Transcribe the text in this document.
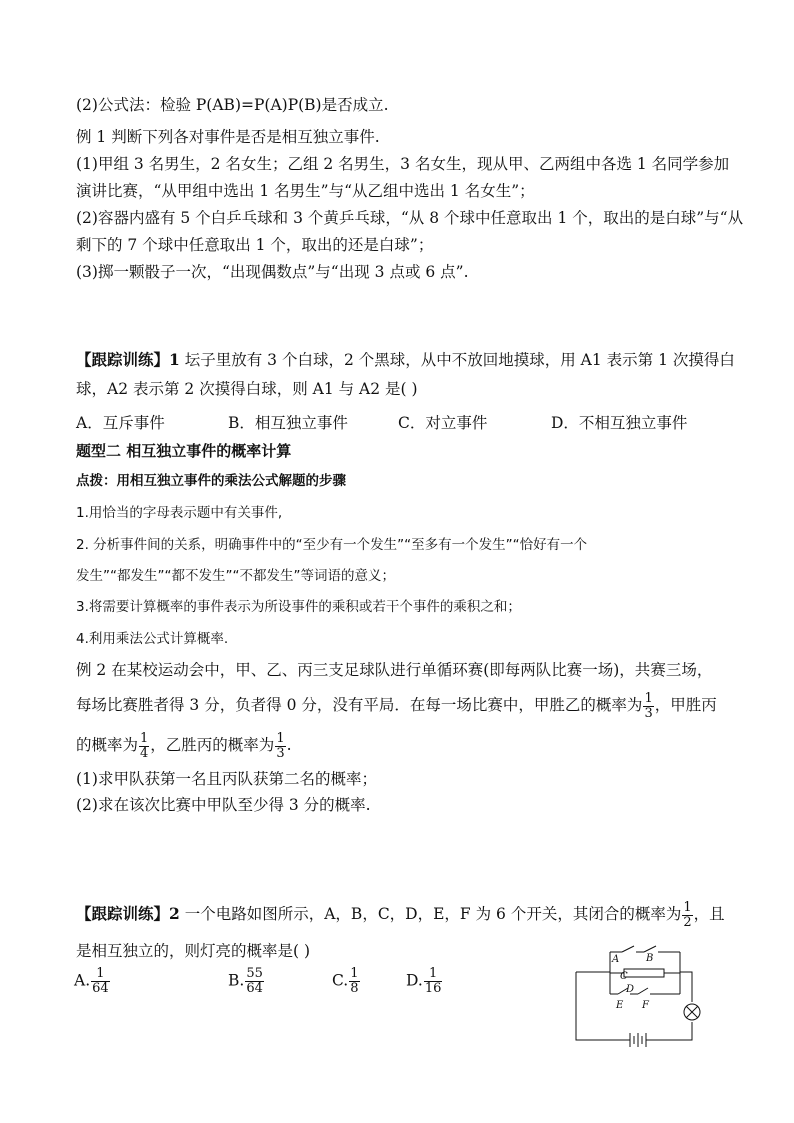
(2)公式法：检验 P(AB)=P(A)P(B)是否成立.
例 1 判断下列各对事件是否是相互独立事件.
(1)甲组 3 名男生，2 名女生；乙组 2 名男生，3 名女生，现从甲、乙两组中各选 1 名同学参加
演讲比赛，“从甲组中选出 1 名男生”与“从乙组中选出 1 名女生”；
(2)容器内盛有 5 个白乒乓球和 3 个黄乒乓球，“从 8 个球中任意取出 1 个，取出的是白球”与“从
剩下的 7 个球中任意取出 1 个，取出的还是白球”；
(3)掷一颗骰子一次，“出现偶数点”与“出现 3 点或 6 点”.
【跟踪训练】1 坛子里放有 3 个白球，2 个黑球，从中不放回地摸球，用 A1 表示第 1 次摸得白
球，A2 表示第 2 次摸得白球，则 A1 与 A2 是( )
A．互斥事件	B．相互独立事件	C．对立事件	D．不相互独立事件
题型二 相互独立事件的概率计算
点拨：用相互独立事件的乘法公式解题的步骤
1.用恰当的字母表示题中有关事件,
2. 分析事件间的关系，明确事件中的“至少有一个发生”“至多有一个发生”“恰好有一个
发生”“都发生”“都不发生”“不都发生”等词语的意义；
3.将需要计算概率的事件表示为所设事件的乘积或若干个事件的乘积之和；
4.利用乘法公式计算概率.
例 2 在某校运动会中，甲、乙、丙三支足球队进行单循环赛(即每两队比赛一场)，共赛三场，
每场比赛胜者得 3 分，负者得 0 分，没有平局．在每一场比赛中，甲胜乙的概率为 $\frac{1}{3}$ ，甲胜丙
的概率为 $\frac{1}{4}$ ，乙胜丙的概率为 $\frac{1}{3}$ .
(1)求甲队获第一名且丙队获第二名的概率；
(2)求在该次比赛中甲队至少得 3 分的概率.
【跟踪训练】2 一个电路如图所示，A，B，C，D，E，F 为 6 个开关，其闭合的概率为 $\frac{1}{2}$ ，且
是相互独立的，则灯亮的概率是( )
A. $\frac{1}{64}$	B. $\frac{55}{64}$	C. $\frac{1}{8}$	D. $\frac{1}{16}$
A	B
C
D
E F
